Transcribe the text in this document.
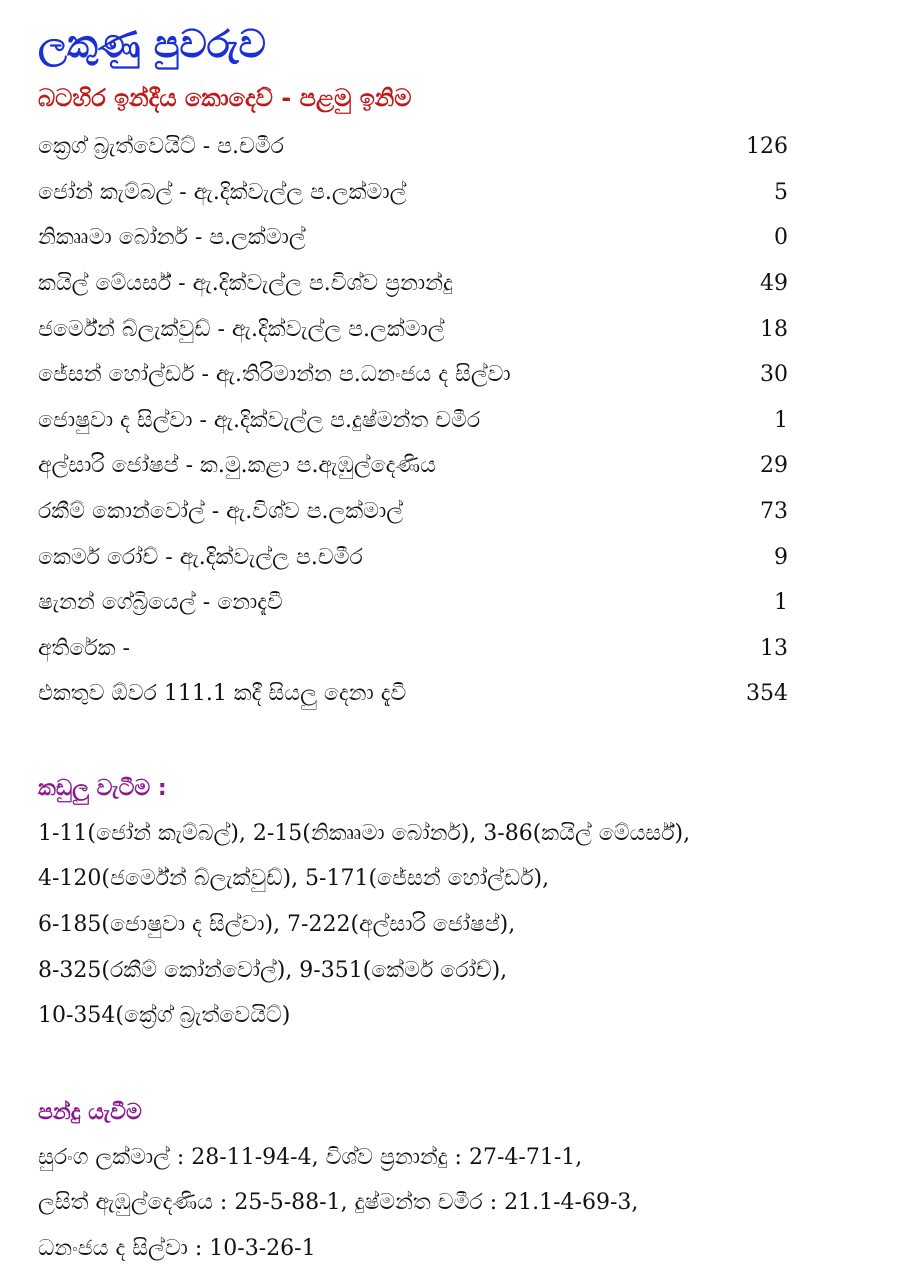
ලකුණු පුවරුව
බටහිර ඉන්දීය කොදෙව් - පළමු ඉනිම
ක්‍රෙග් බ්‍රැත්වෙයිට් - ප.චමීර	126
ජෝන් කැම්බල් - ඇ.දික්වැල්ල ප.ලක්මාල්	5
නිකෲමා බෝනර් - ප.ලක්මාල්	0
කයිල් මේයර්ස් - ඇ.දික්වැල්ල ප.විශ්ව ප්‍රනාන්දු	49
ජර්මේන් බ්ලැක්වුඩ් - ඇ.දික්වැල්ල ප.ලක්මාල්	18
ජේසන් හෝල්ඩර් - ඇ.තිරිමාන්න ප.ධනංජය ද සිල්වා	30
ජොෂුවා ද සිල්වා - ඇ.දික්වැල්ල ප.දුෂ්මන්ත චමීර	1
අල්සාරි ජෝෂප් - ක.මු.කළා ප.ඇඹුල්දෙණිය	29
රකීම් කොන්වෝල් - ඇ.විශ්ව ප.ලක්මාල්	73
කෙමර් රෝච් - ඇ.දික්වැල්ල ප.චමීර	9
ෂැනන් ගේබ්‍රියෙල් - නොදැවී	1
අතිරේක -	13
එකතුව ඕවර 111.1 කදී සියලු දෙනා දැවී	354
කඩුලු වැටීම :
1-11(ජෝන් කැම්බල්), 2-15(නිකෲමා බෝනර්), 3-86(කයිල් මේයර්ස්),
4-120(ජර්මේන් බ්ලැක්වුඩ්), 5-171(ජේසන් හෝල්ඩර්),
6-185(ජොෂුවා ද සිල්වා), 7-222(අල්සාරි ජෝෂප්),
8-325(රකීම් කෝන්වෝල්), 9-351(කේමර් රෝච්),
10-354(ක්‍රේග් බ්‍රැත්වෙයිට්)
පන්දු යැවීම
සුරංග ලක්මාල් : 28-11-94-4, විශ්ව ප්‍රනාන්දු : 27-4-71-1,
ලසිත් ඇඹුල්දෙණිය : 25-5-88-1, දුෂ්මන්ත චමීර : 21.1-4-69-3,
ධනංජය ද සිල්වා : 10-3-26-1
